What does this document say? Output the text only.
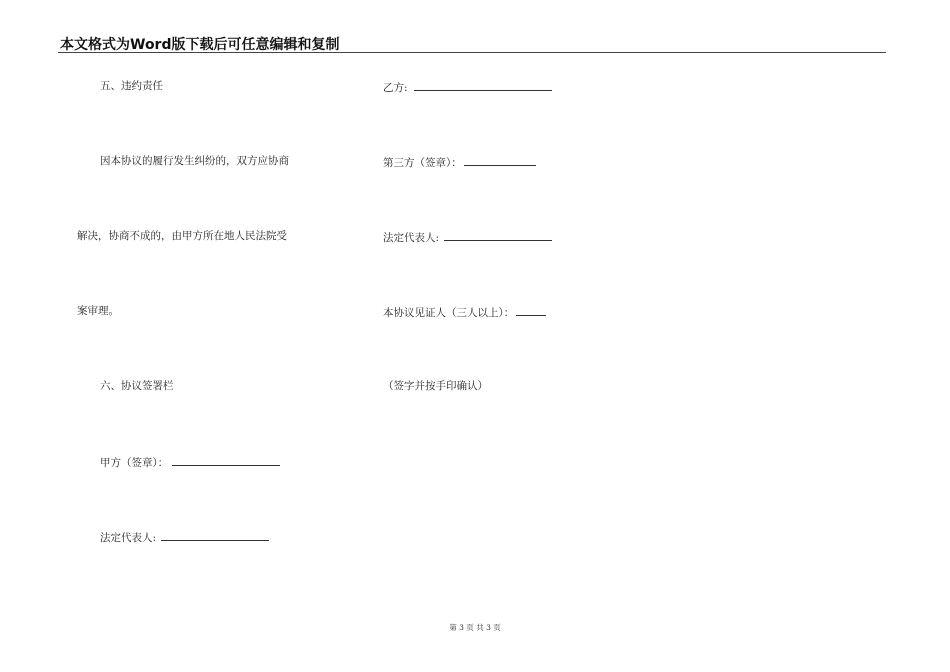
本文格式为Word版下载后可任意编辑和复制
五、违约责任
因本协议的履行发生纠纷的，双方应协商
解决，协商不成的，由甲方所在地人民法院受
案审理。
六、协议签署栏
甲方（签章）：
法定代表人:
乙方:
第三方（签章）：
法定代表人:
本协议见证人（三人以上）：
（签字并按手印确认）
第 3 页 共 3 页
